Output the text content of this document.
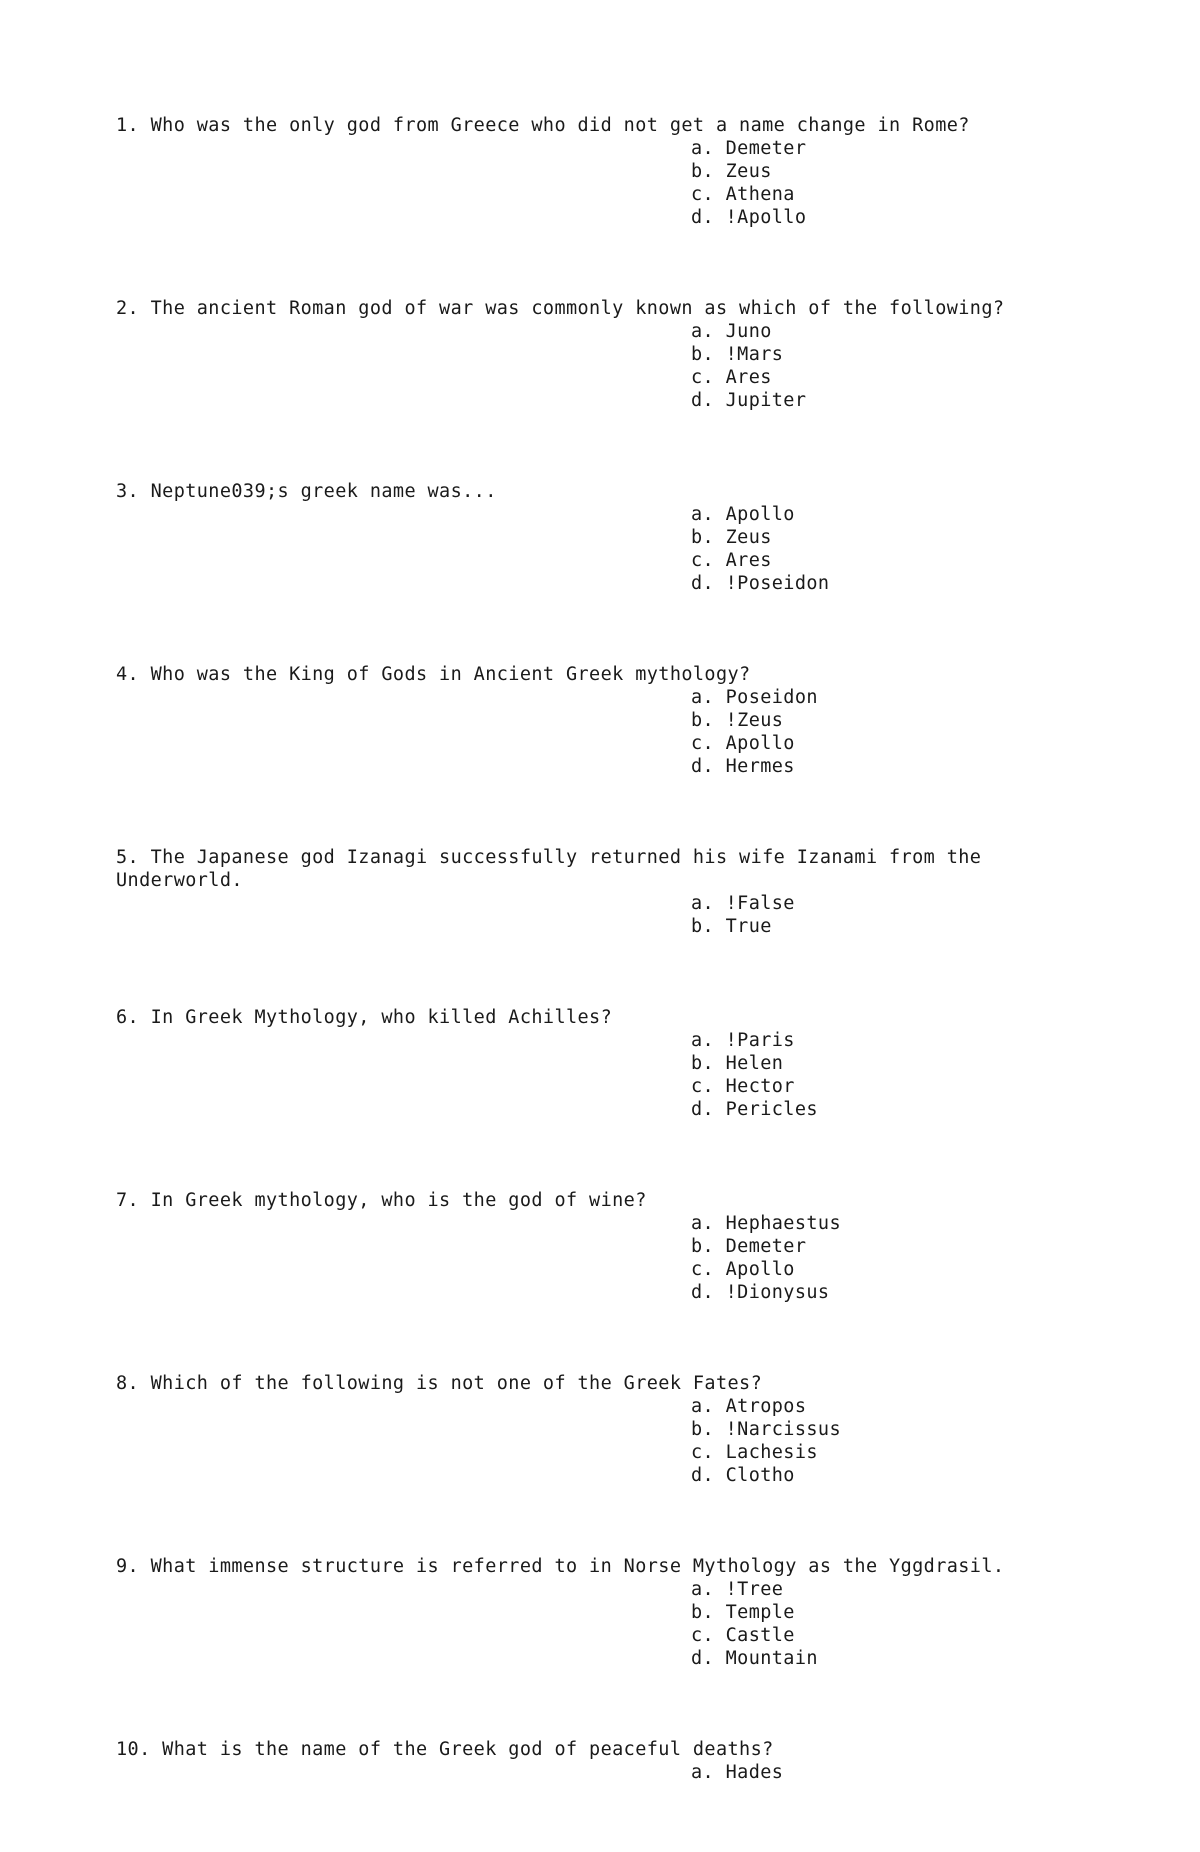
1. Who was the only god from Greece who did not get a name change in Rome?

a. Demeter
b. Zeus
c. Athena
d. !Apollo

2. The ancient Roman god of war was commonly known as which of the following?

a. Juno
b. !Mars
c. Ares
d. Jupiter

3. Neptune039;s greek name was...

a. Apollo
b. Zeus
c. Ares
d. !Poseidon

4. Who was the King of Gods in Ancient Greek mythology?

a. Poseidon
b. !Zeus
c. Apollo
d. Hermes

5. The Japanese god Izanagi successfully returned his wife Izanami from the Underworld.

a. !False
b. True

6. In Greek Mythology, who killed Achilles?

a. !Paris
b. Helen
c. Hector
d. Pericles

7. In Greek mythology, who is the god of wine?

a. Hephaestus
b. Demeter
c. Apollo
d. !Dionysus

8. Which of the following is not one of the Greek Fates?

a. Atropos
b. !Narcissus
c. Lachesis
d. Clotho

9. What immense structure is referred to in Norse Mythology as the Yggdrasil.

a. !Tree
b. Temple
c. Castle
d. Mountain

10. What is the name of the Greek god of peaceful deaths?

a. Hades
